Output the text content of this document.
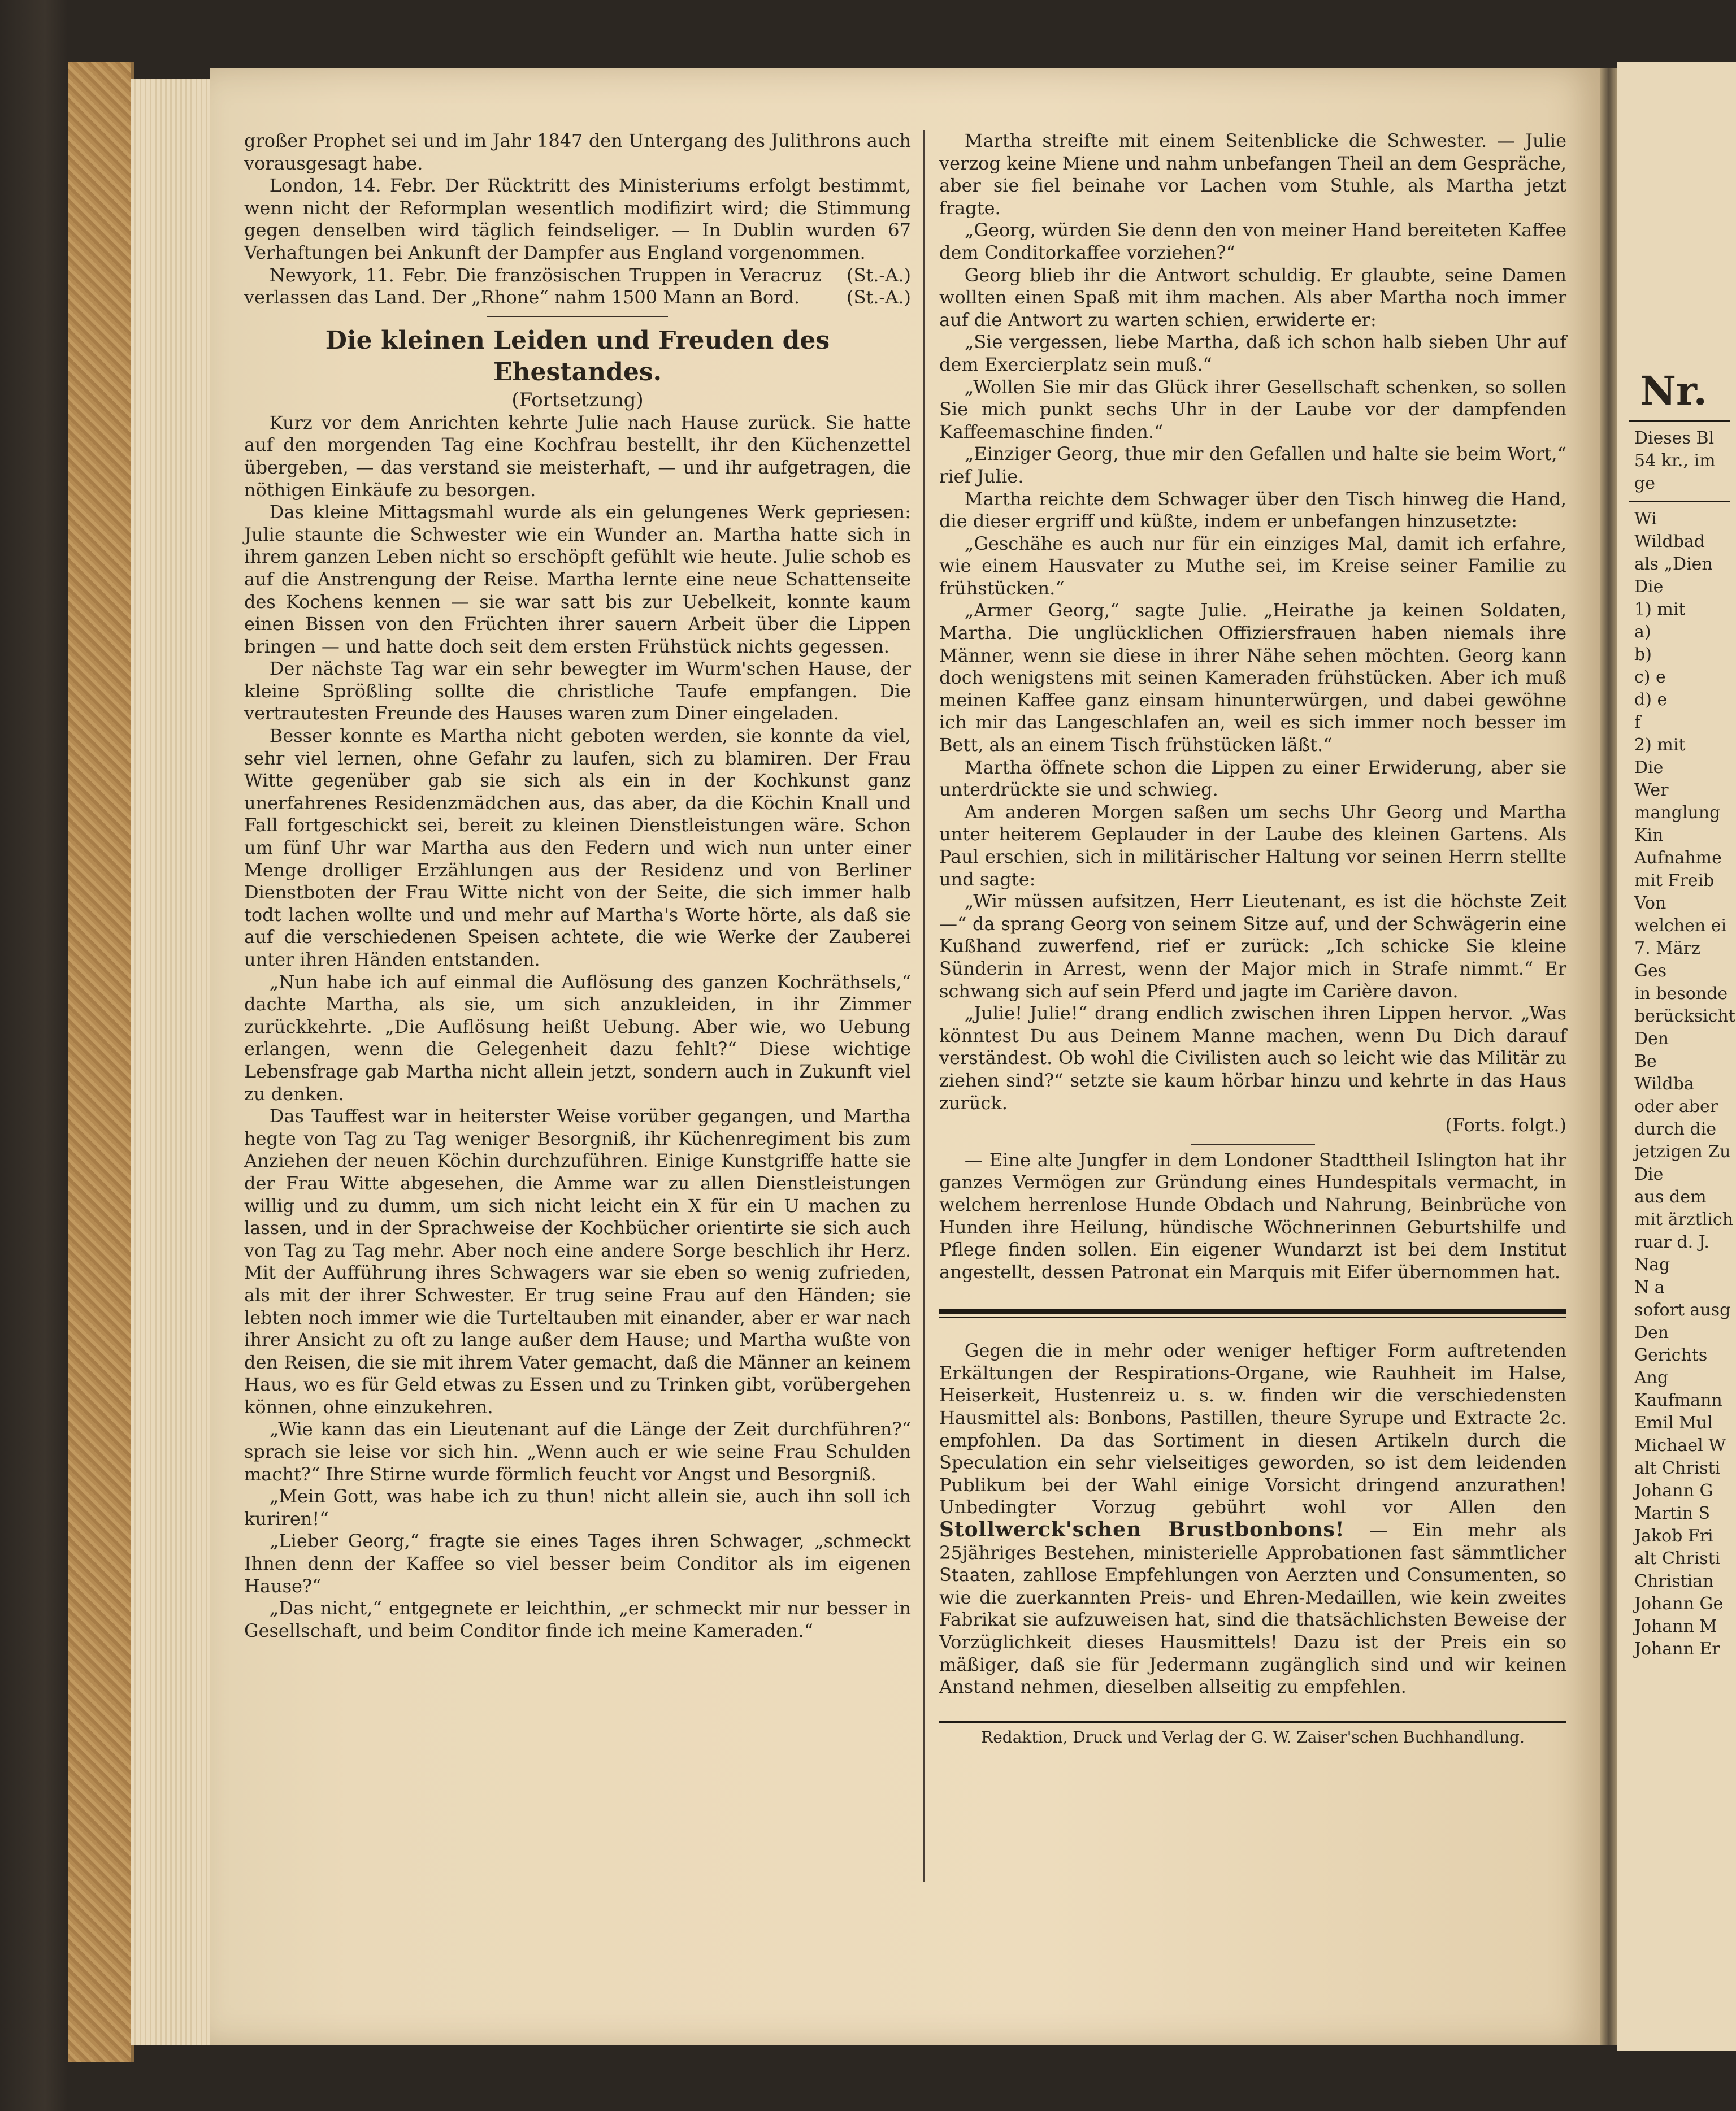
großer Prophet sei und im Jahr 1847 den Untergang des Julithrons auch vorausgesagt habe.

London, 14. Febr. Der Rücktritt des Ministeriums erfolgt bestimmt, wenn nicht der Reformplan wesentlich modifizirt wird; die Stimmung gegen denselben wird täglich feindseliger. — In Dublin wurden 67 Verhaftungen bei Ankunft der Dampfer aus England vorgenommen.
(St.-A.)

Newyork, 11. Febr. Die französischen Truppen in Veracruz verlassen das Land. Der „Rhone“ nahm 1500 Mann an Bord.	(St.-A.)

Die kleinen Leiden und Freuden des Ehestandes.
(Fortsetzung)

Kurz vor dem Anrichten kehrte Julie nach Hause zurück. Sie hatte auf den morgenden Tag eine Kochfrau bestellt, ihr den Küchenzettel übergeben, — das verstand sie meisterhaft, — und ihr aufgetragen, die nöthigen Einkäufe zu besorgen.

Das kleine Mittagsmahl wurde als ein gelungenes Werk gepriesen: Julie staunte die Schwester wie ein Wunder an. Martha hatte sich in ihrem ganzen Leben nicht so erschöpft gefühlt wie heute. Julie schob es auf die Anstrengung der Reise. Martha lernte eine neue Schattenseite des Kochens kennen — sie war satt bis zur Uebelkeit, konnte kaum einen Bissen von den Früchten ihrer sauern Arbeit über die Lippen bringen — und hatte doch seit dem ersten Frühstück nichts gegessen.

Der nächste Tag war ein sehr bewegter im Wurm'schen Hause, der kleine Sprößling sollte die christliche Taufe empfangen. Die vertrautesten Freunde des Hauses waren zum Diner eingeladen.

Besser konnte es Martha nicht geboten werden, sie konnte da viel, sehr viel lernen, ohne Gefahr zu laufen, sich zu blamiren. Der Frau Witte gegenüber gab sie sich als ein in der Kochkunst ganz unerfahrenes Residenzmädchen aus, das aber, da die Köchin Knall und Fall fortgeschickt sei, bereit zu kleinen Dienstleistungen wäre. Schon um fünf Uhr war Martha aus den Federn und wich nun unter einer Menge drolliger Erzählungen aus der Residenz und von Berliner Dienstboten der Frau Witte nicht von der Seite, die sich immer halb todt lachen wollte und und mehr auf Martha's Worte hörte, als daß sie auf die verschiedenen Speisen achtete, die wie Werke der Zauberei unter ihren Händen entstanden.

„Nun habe ich auf einmal die Auflösung des ganzen Kochräthsels,“ dachte Martha, als sie, um sich anzukleiden, in ihr Zimmer zurückkehrte. „Die Auflösung heißt Uebung. Aber wie, wo Uebung erlangen, wenn die Gelegenheit dazu fehlt?“ Diese wichtige Lebensfrage gab Martha nicht allein jetzt, sondern auch in Zukunft viel zu denken.

Das Tauffest war in heiterster Weise vorüber gegangen, und Martha hegte von Tag zu Tag weniger Besorgniß, ihr Küchenregiment bis zum Anziehen der neuen Köchin durchzuführen. Einige Kunstgriffe hatte sie der Frau Witte abgesehen, die Amme war zu allen Dienstleistungen willig und zu dumm, um sich nicht leicht ein X für ein U machen zu lassen, und in der Sprachweise der Kochbücher orientirte sie sich auch von Tag zu Tag mehr. Aber noch eine andere Sorge beschlich ihr Herz. Mit der Aufführung ihres Schwagers war sie eben so wenig zufrieden, als mit der ihrer Schwester. Er trug seine Frau auf den Händen; sie lebten noch immer wie die Turteltauben mit einander, aber er war nach ihrer Ansicht zu oft zu lange außer dem Hause; und Martha wußte von den Reisen, die sie mit ihrem Vater gemacht, daß die Männer an keinem Haus, wo es für Geld etwas zu Essen und zu Trinken gibt, vorübergehen können, ohne einzukehren.

„Wie kann das ein Lieutenant auf die Länge der Zeit durchführen?“ sprach sie leise vor sich hin. „Wenn auch er wie seine Frau Schulden macht?“ Ihre Stirne wurde förmlich feucht vor Angst und Besorgniß.

„Mein Gott, was habe ich zu thun! nicht allein sie, auch ihn soll ich kuriren!“

„Lieber Georg,“ fragte sie eines Tages ihren Schwager, „schmeckt Ihnen denn der Kaffee so viel besser beim Conditor als im eigenen Hause?“

„Das nicht,“ entgegnete er leichthin, „er schmeckt mir nur besser in Gesellschaft, und beim Conditor finde ich meine Kameraden.“

Martha streifte mit einem Seitenblicke die Schwester. — Julie verzog keine Miene und nahm unbefangen Theil an dem Gespräche, aber sie fiel beinahe vor Lachen vom Stuhle, als Martha jetzt fragte.

„Georg, würden Sie denn den von meiner Hand bereiteten Kaffee dem Conditorkaffee vorziehen?“

Georg blieb ihr die Antwort schuldig. Er glaubte, seine Damen wollten einen Spaß mit ihm machen. Als aber Martha noch immer auf die Antwort zu warten schien, erwiderte er:

„Sie vergessen, liebe Martha, daß ich schon halb sieben Uhr auf dem Exercierplatz sein muß.“

„Wollen Sie mir das Glück ihrer Gesellschaft schenken, so sollen Sie mich punkt sechs Uhr in der Laube vor der dampfenden Kaffeemaschine finden.“

„Einziger Georg, thue mir den Gefallen und halte sie beim Wort,“ rief Julie.

Martha reichte dem Schwager über den Tisch hinweg die Hand, die dieser ergriff und küßte, indem er unbefangen hinzusetzte:

„Geschähe es auch nur für ein einziges Mal, damit ich erfahre, wie einem Hausvater zu Muthe sei, im Kreise seiner Familie zu frühstücken.“

„Armer Georg,“ sagte Julie. „Heirathe ja keinen Soldaten, Martha. Die unglücklichen Offiziersfrauen haben niemals ihre Männer, wenn sie diese in ihrer Nähe sehen möchten. Georg kann doch wenigstens mit seinen Kameraden frühstücken. Aber ich muß meinen Kaffee ganz einsam hinunterwürgen, und dabei gewöhne ich mir das Langeschlafen an, weil es sich immer noch besser im Bett, als an einem Tisch frühstücken läßt.“

Martha öffnete schon die Lippen zu einer Erwiderung, aber sie unterdrückte sie und schwieg.

Am anderen Morgen saßen um sechs Uhr Georg und Martha unter heiterem Geplauder in der Laube des kleinen Gartens. Als Paul erschien, sich in militärischer Haltung vor seinen Herrn stellte und sagte:

„Wir müssen aufsitzen, Herr Lieutenant, es ist die höchste Zeit —“ da sprang Georg von seinem Sitze auf, und der Schwägerin eine Kußhand zuwerfend, rief er zurück: „Ich schicke Sie kleine Sünderin in Arrest, wenn der Major mich in Strafe nimmt.“ Er schwang sich auf sein Pferd und jagte im Carière davon.

„Julie! Julie!“ drang endlich zwischen ihren Lippen hervor. „Was könntest Du aus Deinem Manne machen, wenn Du Dich darauf verständest. Ob wohl die Civilisten auch so leicht wie das Militär zu ziehen sind?“ setzte sie kaum hörbar hinzu und kehrte in das Haus zurück.

(Forts. folgt.)

— Eine alte Jungfer in dem Londoner Stadttheil Islington hat ihr ganzes Vermögen zur Gründung eines Hundespitals vermacht, in welchem herrenlose Hunde Obdach und Nahrung, Beinbrüche von Hunden ihre Heilung, hündische Wöchnerinnen Geburtshilfe und Pflege finden sollen. Ein eigener Wundarzt ist bei dem Institut angestellt, dessen Patronat ein Marquis mit Eifer übernommen hat.

Gegen die in mehr oder weniger heftiger Form auftretenden Erkältungen der Respirations-Organe, wie Rauhheit im Halse, Heiserkeit, Hustenreiz u. s. w. finden wir die verschiedensten Hausmittel als: Bonbons, Pastillen, theure Syrupe und Extracte 2c. empfohlen. Da das Sortiment in diesen Artikeln durch die Speculation ein sehr vielseitiges geworden, so ist dem leidenden Publikum bei der Wahl einige Vorsicht dringend anzurathen! Unbedingter Vorzug gebührt wohl vor Allen den Stollwerck'schen Brustbonbons! — Ein mehr als 25jähriges Bestehen, ministerielle Approbationen fast sämmtlicher Staaten, zahllose Empfehlungen von Aerzten und Consumenten, so wie die zuerkannten Preis- und Ehren-Medaillen, wie kein zweites Fabrikat sie aufzuweisen hat, sind die thatsächlichsten Beweise der Vorzüglichkeit dieses Hausmittels! Dazu ist der Preis ein so mäßiger, daß sie für Jedermann zugänglich sind und wir keinen Anstand nehmen, dieselben allseitig zu empfehlen.

Redaktion, Druck und Verlag der G. W. Zaiser'schen Buchhandlung.
Nr.
Dieses Bl
54 kr., im
ge
Wi
Wildbad
als „Dien
Die
1) mit
a)
b)
c) e
d) e
f
2) mit
Die
Wer
manglung
Kin
Aufnahme
mit Freib
Von
welchen ei
7. März
Ges
in besonde
berücksicht
Den
Be
Wildba
oder aber
durch die
jetzigen Zu
Die
aus dem
mit ärztlich
ruar d. J.
Nag
N a
sofort ausg
Den
Gerichts
Ang
Kaufmann
Emil Mul
Michael W
alt Christi
Johann G
Martin S
Jakob Fri
alt Christi
Christian
Johann Ge
Johann M
Johann Er
